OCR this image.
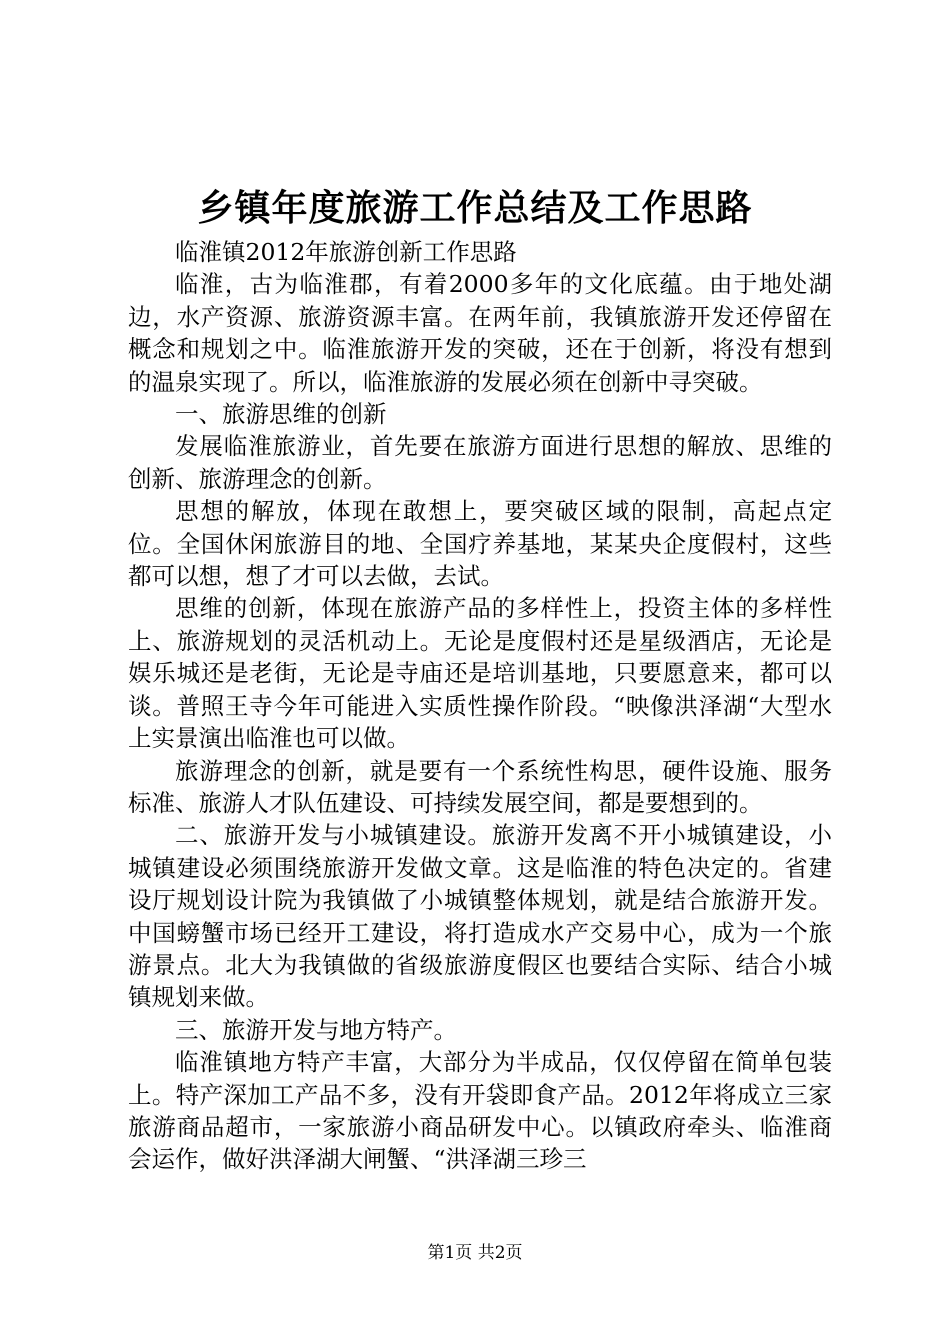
乡镇年度旅游工作总结及工作思路

临淮镇2012年旅游创新工作思路

临淮，古为临淮郡，有着2000多年的文化底蕴。由于地处湖边，水产资源、旅游资源丰富。在两年前，我镇旅游开发还停留在概念和规划之中。临淮旅游开发的突破，还在于创新，将没有想到的温泉实现了。所以，临淮旅游的发展必须在创新中寻突破。

一、旅游思维的创新

发展临淮旅游业，首先要在旅游方面进行思想的解放、思维的创新、旅游理念的创新。

思想的解放，体现在敢想上，要突破区域的限制，高起点定位。全国休闲旅游目的地、全国疗养基地，某某央企度假村，这些都可以想，想了才可以去做，去试。

思维的创新，体现在旅游产品的多样性上，投资主体的多样性上、旅游规划的灵活机动上。无论是度假村还是星级酒店，无论是娱乐城还是老街，无论是寺庙还是培训基地，只要愿意来，都可以谈。普照王寺今年可能进入实质性操作阶段。“映像洪泽湖“大型水上实景演出临淮也可以做。

旅游理念的创新，就是要有一个系统性构思，硬件设施、服务标准、旅游人才队伍建设、可持续发展空间，都是要想到的。

二、旅游开发与小城镇建设。旅游开发离不开小城镇建设，小城镇建设必须围绕旅游开发做文章。这是临淮的特色决定的。省建设厅规划设计院为我镇做了小城镇整体规划，就是结合旅游开发。中国螃蟹市场已经开工建设，将打造成水产交易中心，成为一个旅游景点。北大为我镇做的省级旅游度假区也要结合实际、结合小城镇规划来做。

三、旅游开发与地方特产。

临淮镇地方特产丰富，大部分为半成品，仅仅停留在简单包装上。特产深加工产品不多，没有开袋即食产品。2012年将成立三家旅游商品超市，一家旅游小商品研发中心。以镇政府牵头、临淮商会运作，做好洪泽湖大闸蟹、“洪泽湖三珍三

第1页 共2页
